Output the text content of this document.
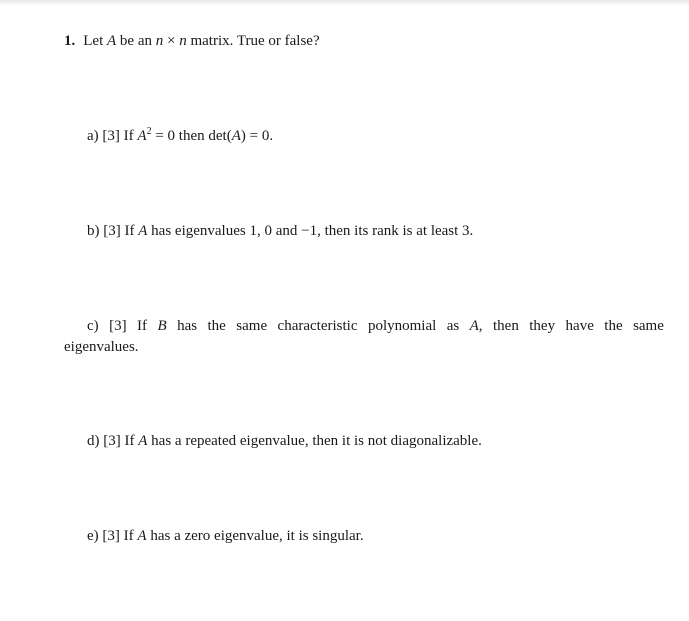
1. Let A be an n × n matrix. True or false?
a) [3] If $A^2 = 0$ then det(A) = 0.
b) [3] If A has eigenvalues 1, 0 and −1, then its rank is at least 3.
c) [3] If B has the same characteristic polynomial as A, then they have the same
eigenvalues.
d) [3] If A has a repeated eigenvalue, then it is not diagonalizable.
e) [3] If A has a zero eigenvalue, it is singular.
